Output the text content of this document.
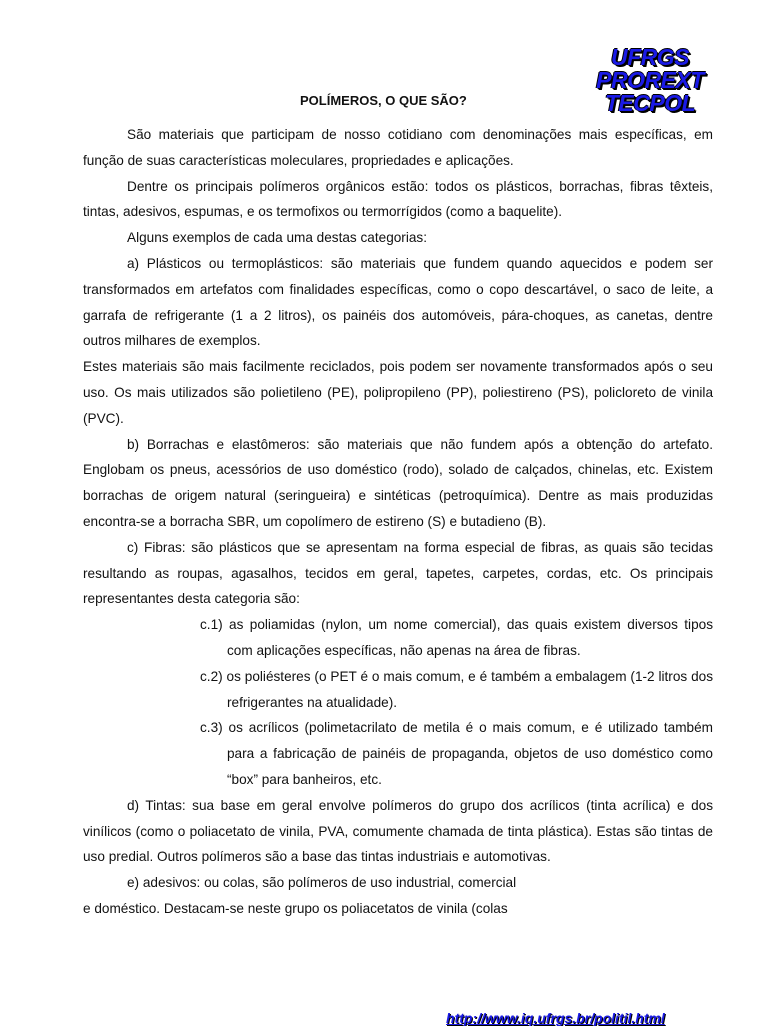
UFRGS
PROREXT
TECPOL
POLÍMEROS, O QUE SÃO?

São materiais que participam de nosso cotidiano com denominações mais específicas, em função de suas características moleculares, propriedades e aplicações.

Dentre os principais polímeros orgânicos estão: todos os plásticos, borrachas, fibras têxteis, tintas, adesivos, espumas, e os termofixos ou termorrígidos (como a baquelite).

Alguns exemplos de cada uma destas categorias:

a) Plásticos ou termoplásticos: são materiais que fundem quando aquecidos e podem ser transformados em artefatos com finalidades específicas, como o copo descartável, o saco de leite, a garrafa de refrigerante (1 a 2 litros), os painéis dos automóveis, pára-choques, as canetas, dentre outros milhares de exemplos.

Estes materiais são mais facilmente reciclados, pois podem ser novamente transformados após o seu uso. Os mais utilizados são polietileno (PE), polipropileno (PP), poliestireno (PS), policloreto de vinila (PVC).

b) Borrachas e elastômeros: são materiais que não fundem após a obtenção do artefato. Englobam os pneus, acessórios de uso doméstico (rodo), solado de calçados, chinelas, etc. Existem borrachas de origem natural (seringueira) e sintéticas (petroquímica). Dentre as mais produzidas encontra-se a borracha SBR, um copolímero de estireno (S) e butadieno (B).

c) Fibras: são plásticos que se apresentam na forma especial de fibras, as quais são tecidas resultando as roupas, agasalhos, tecidos em geral, tapetes, carpetes, cordas, etc. Os principais representantes desta categoria são:

c.1) as poliamidas (nylon, um nome comercial), das quais existem diversos tipos com aplicações específicas, não apenas na área de fibras.

c.2) os poliésteres (o PET é o mais comum, e é também a embalagem (1-2 litros dos refrigerantes na atualidade).

c.3) os acrílicos (polimetacrilato de metila é o mais comum, e é utilizado também para a fabricação de painéis de propaganda, objetos de uso doméstico como “box” para banheiros, etc.

d) Tintas: sua base em geral envolve polímeros do grupo dos acrílicos (tinta acrílica) e dos vinílicos (como o poliacetato de vinila, PVA, comumente chamada de tinta plástica). Estas são tintas de uso predial. Outros polímeros são a base das tintas industriais e automotivas.

e) adesivos: ou colas, são polímeros de uso industrial, comercial

e doméstico. Destacam-se neste grupo os poliacetatos de vinila (colas

http://www.iq.ufrgs.br/politil.html
